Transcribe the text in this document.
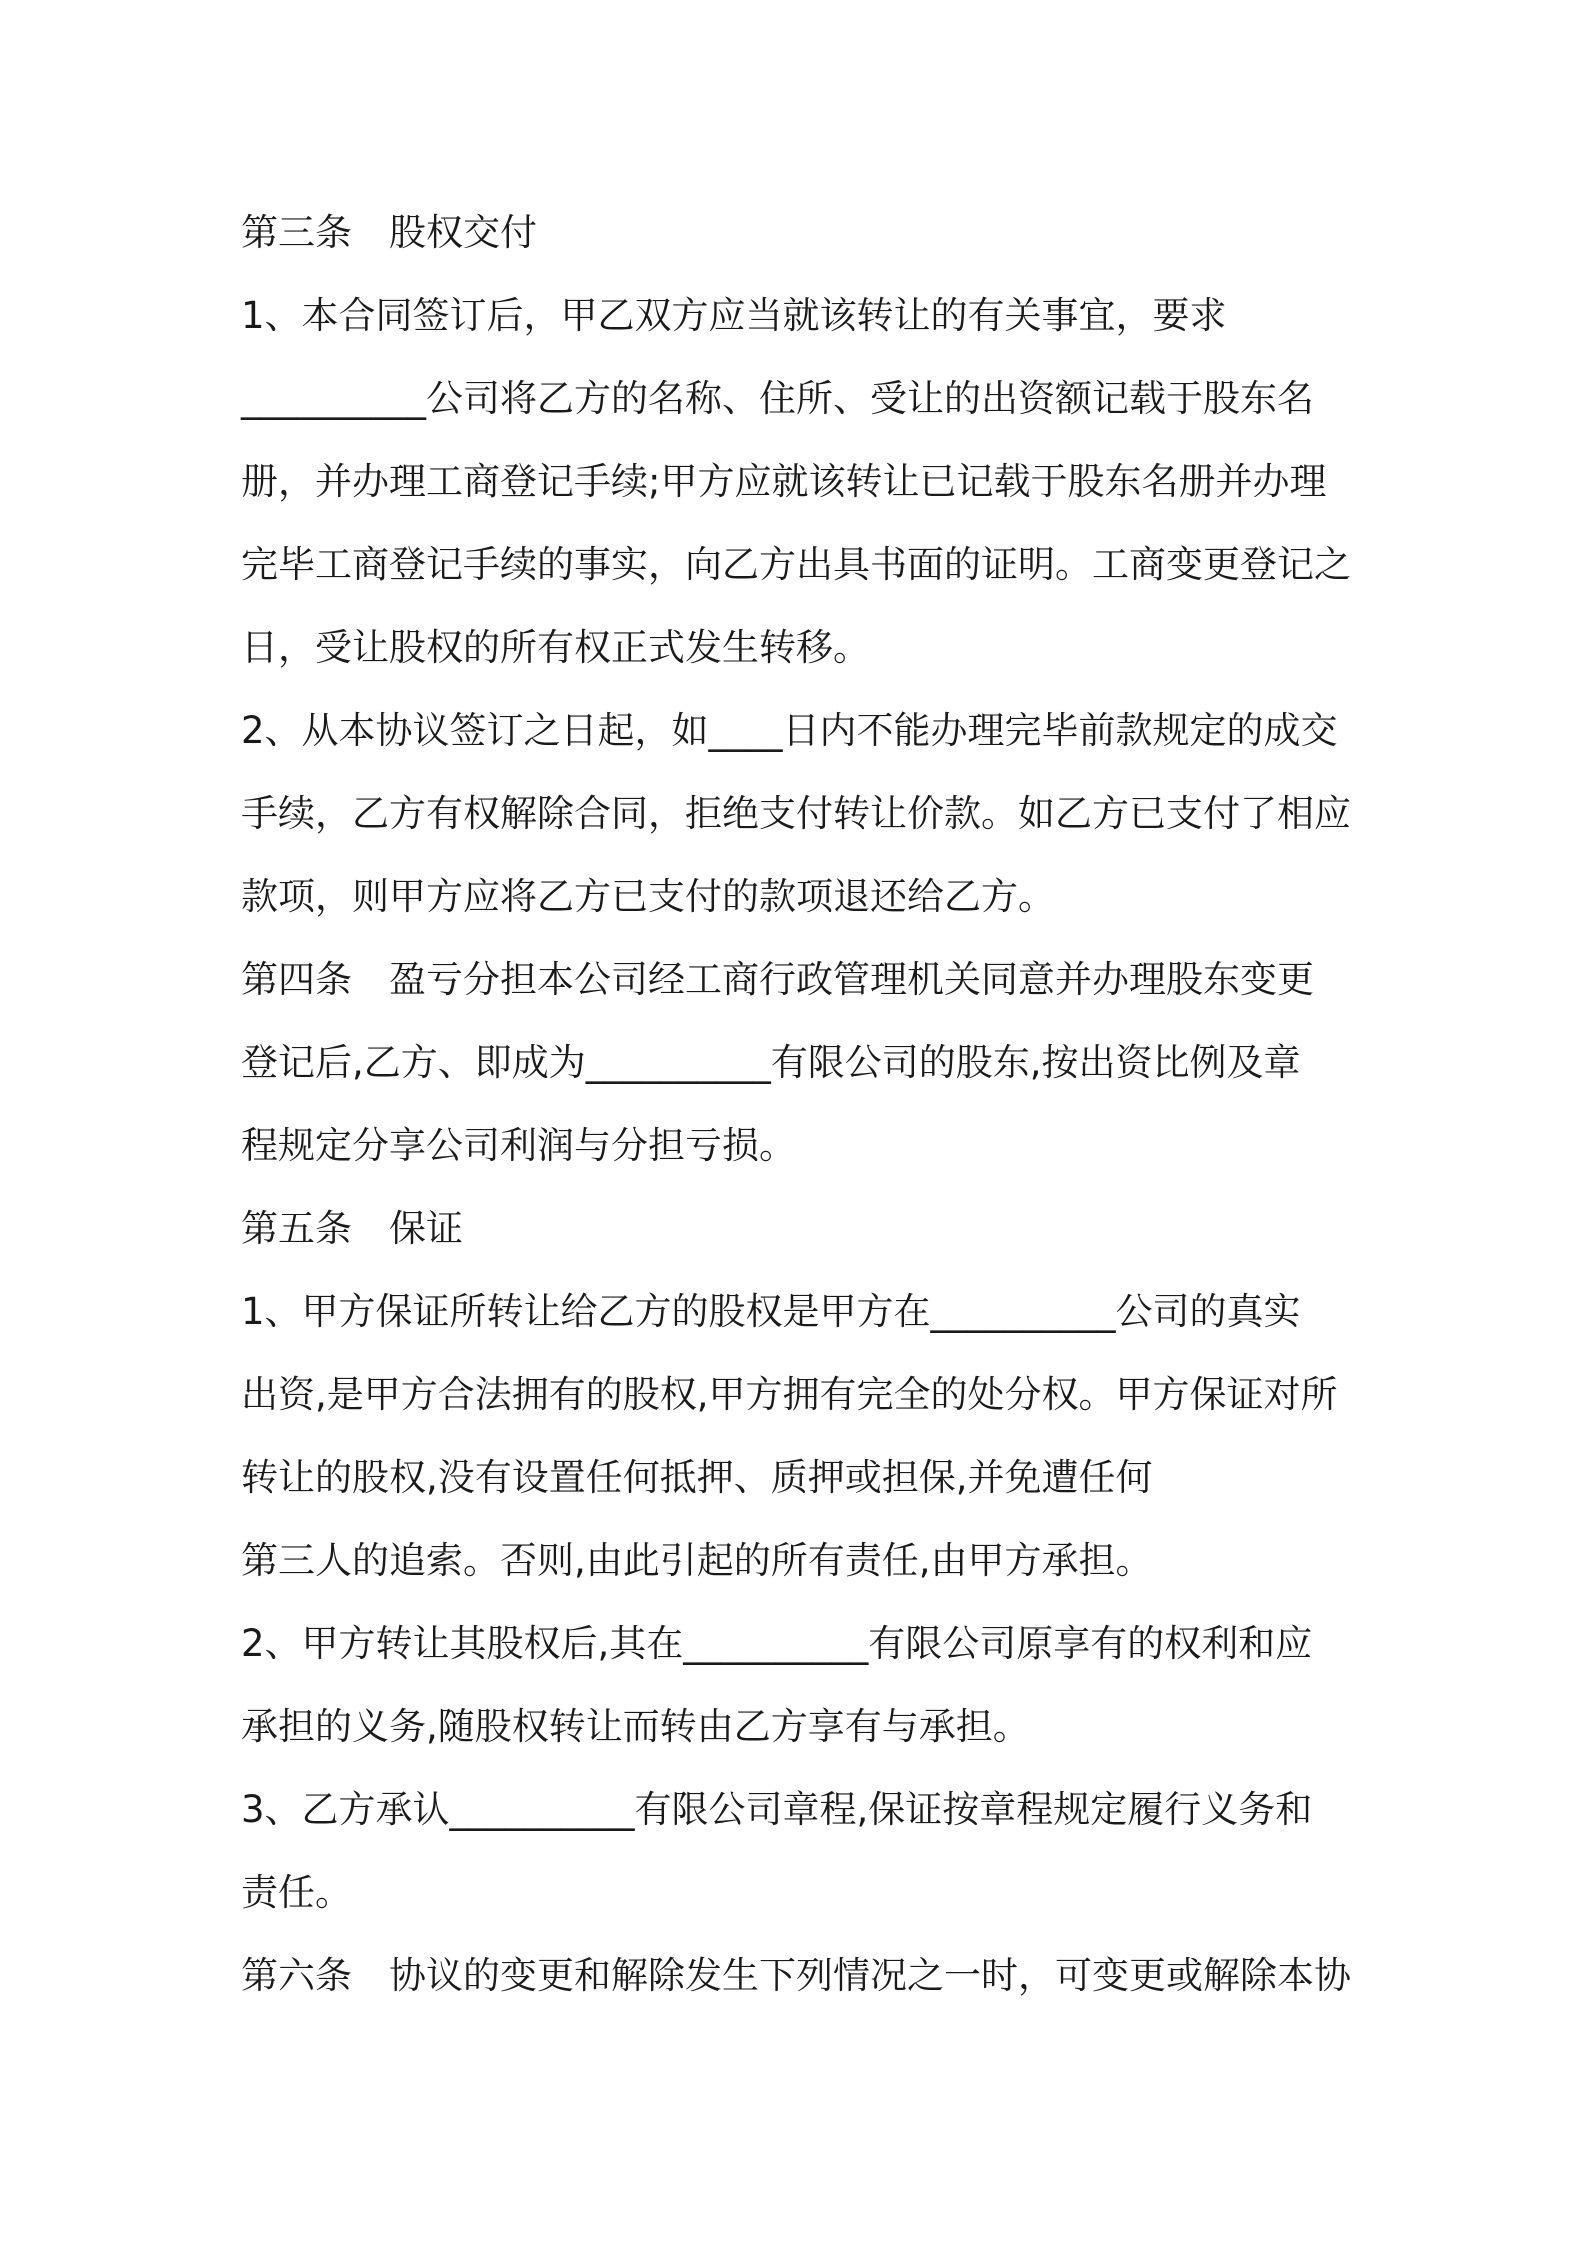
第三条　股权交付
1、本合同签订后，甲乙双方应当就该转让的有关事宜，要求
__________公司将乙方的名称、住所、受让的出资额记载于股东名
册，并办理工商登记手续;甲方应就该转让已记载于股东名册并办理
完毕工商登记手续的事实，向乙方出具书面的证明。工商变更登记之
日，受让股权的所有权正式发生转移。
2、从本协议签订之日起，如____日内不能办理完毕前款规定的成交
手续，乙方有权解除合同，拒绝支付转让价款。如乙方已支付了相应
款项，则甲方应将乙方已支付的款项退还给乙方。
第四条　盈亏分担本公司经工商行政管理机关同意并办理股东变更
登记后,乙方、即成为__________有限公司的股东,按出资比例及章
程规定分享公司利润与分担亏损。
第五条　保证
1、甲方保证所转让给乙方的股权是甲方在__________公司的真实
出资,是甲方合法拥有的股权,甲方拥有完全的处分权。甲方保证对所
转让的股权,没有设置任何抵押、质押或担保,并免遭任何
第三人的追索。否则,由此引起的所有责任,由甲方承担。
2、甲方转让其股权后,其在__________有限公司原享有的权利和应
承担的义务,随股权转让而转由乙方享有与承担。
3、乙方承认__________有限公司章程,保证按章程规定履行义务和
责任。
第六条　协议的变更和解除发生下列情况之一时，可变更或解除本协
